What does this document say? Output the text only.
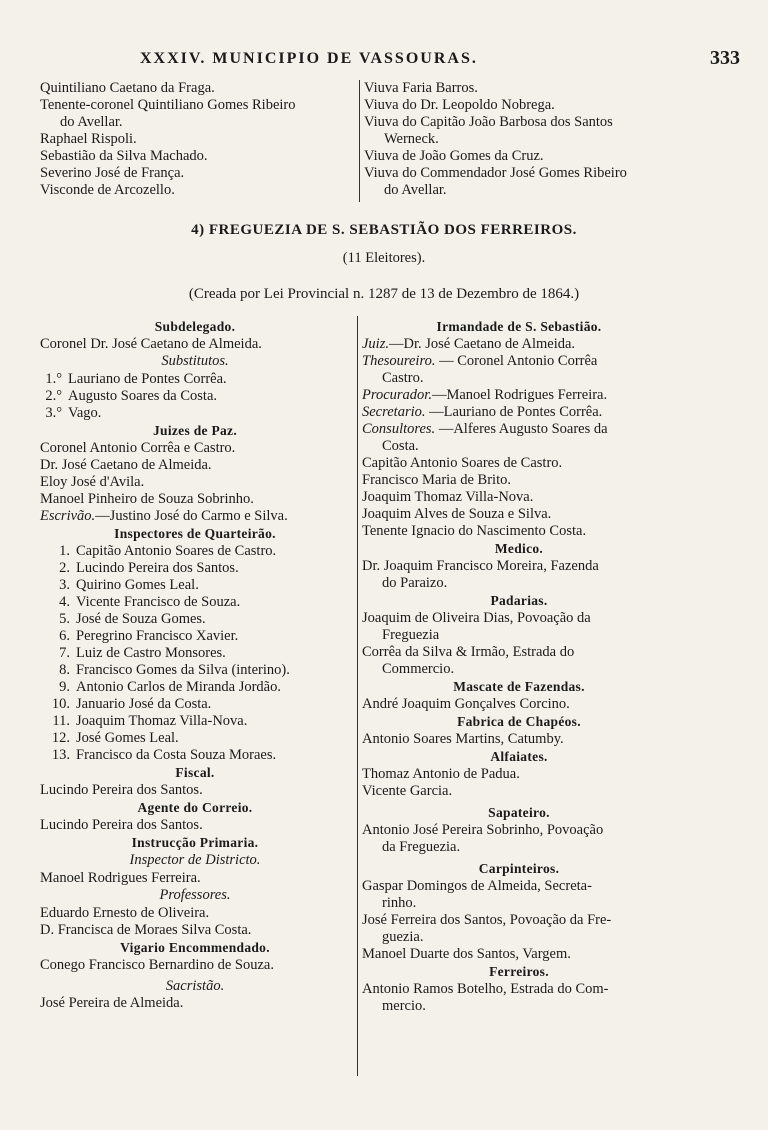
XXXIV. MUNICIPIO DE VASSOURAS.	333
Quintiliano Caetano da Fraga.
Tenente-coronel Quintiliano Gomes Ribeiro
do Avellar.
Raphael Rispoli.
Sebastião da Silva Machado.
Severino José de França.
Visconde de Arcozello.
Viuva Faria Barros.
Viuva do Dr. Leopoldo Nobrega.
Viuva do Capitão João Barbosa dos Santos
Werneck.
Viuva de João Gomes da Cruz.
Viuva do Commendador José Gomes Ribeiro
do Avellar.
4) FREGUEZIA DE S. SEBASTIÃO DOS FERREIROS.
(11 Eleitores).
(Creada por Lei Provincial n. 1287 de 13 de Dezembro de 1864.)
Subdelegado.
Coronel Dr. José Caetano de Almeida.
Substitutos.
1.° Lauriano de Pontes Corrêa.
2.° Augusto Soares da Costa.
3.° Vago.
Juizes de Paz.
Coronel Antonio Corrêa e Castro.
Dr. José Caetano de Almeida.
Eloy José d'Avila.
Manoel Pinheiro de Souza Sobrinho.
Escrivão.—Justino José do Carmo e Silva.
Inspectores de Quarteirão.
1. Capitão Antonio Soares de Castro.
2. Lucindo Pereira dos Santos.
3. Quirino Gomes Leal.
4. Vicente Francisco de Souza.
5. José de Souza Gomes.
6. Peregrino Francisco Xavier.
7. Luiz de Castro Monsores.
8. Francisco Gomes da Silva (interino).
9. Antonio Carlos de Miranda Jordão.
10. Januario José da Costa.
11. Joaquim Thomaz Villa-Nova.
12. José Gomes Leal.
13. Francisco da Costa Souza Moraes.
Fiscal.
Lucindo Pereira dos Santos.
Agente do Correio.
Lucindo Pereira dos Santos.
Instrucção Primaria.
Inspector de Districto.
Manoel Rodrigues Ferreira.
Professores.
Eduardo Ernesto de Oliveira.
D. Francisca de Moraes Silva Costa.
Vigario Encommendado.
Conego Francisco Bernardino de Souza.
Sacristão.
José Pereira de Almeida.
Irmandade de S. Sebastião.
Juiz.—Dr. José Caetano de Almeida.
Thesoureiro. — Coronel Antonio Corrêa
Castro.
Procurador.—Manoel Rodrigues Ferreira.
Secretario. —Lauriano de Pontes Corrêa.
Consultores. —Alferes Augusto Soares da
Costa.
Capitão Antonio Soares de Castro.
Francisco Maria de Brito.
Joaquim Thomaz Villa-Nova.
Joaquim Alves de Souza e Silva.
Tenente Ignacio do Nascimento Costa.
Medico.
Dr. Joaquim Francisco Moreira, Fazenda
do Paraizo.
Padarias.
Joaquim de Oliveira Dias, Povoação da
Freguezia
Corrêa da Silva & Irmão, Estrada do
Commercio.
Mascate de Fazendas.
André Joaquim Gonçalves Corcino.
Fabrica de Chapéos.
Antonio Soares Martins, Catumby.
Alfaiates.
Thomaz Antonio de Padua.
Vicente Garcia.
Sapateiro.
Antonio José Pereira Sobrinho, Povoação
da Freguezia.
Carpinteiros.
Gaspar Domingos de Almeida, Secreta-
rinho.
José Ferreira dos Santos, Povoação da Fre-
guezia.
Manoel Duarte dos Santos, Vargem.
Ferreiros.
Antonio Ramos Botelho, Estrada do Com-
mercio.
